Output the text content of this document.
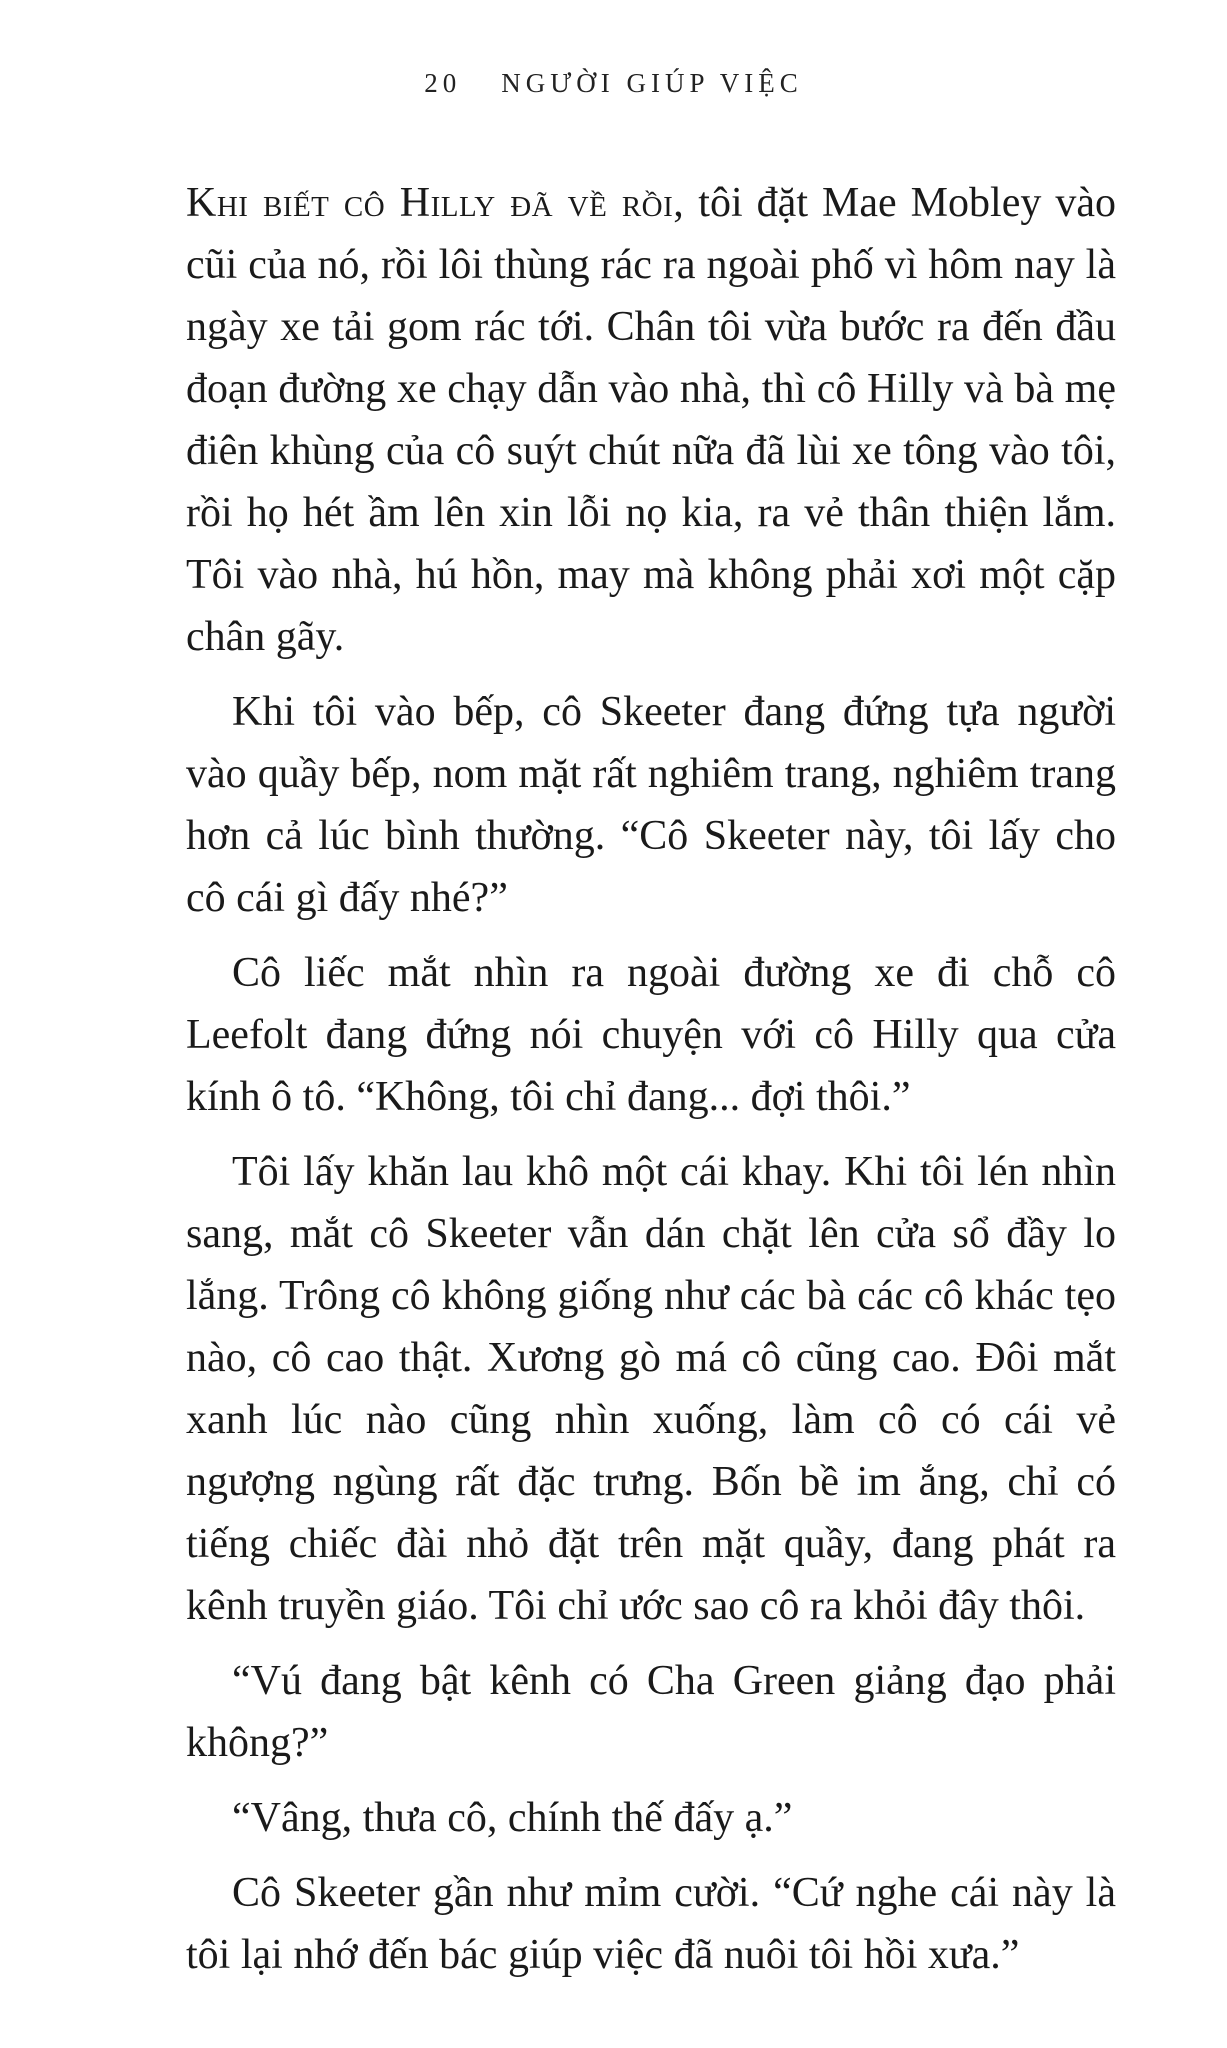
20 NGƯỜI GIÚP VIỆC

Khi biết cô Hilly đã về rồi, tôi đặt Mae Mobley vào cũi của nó, rồi lôi thùng rác ra ngoài phố vì hôm nay là ngày xe tải gom rác tới. Chân tôi vừa bước ra đến đầu đoạn đường xe chạy dẫn vào nhà, thì cô Hilly và bà mẹ điên khùng của cô suýt chút nữa đã lùi xe tông vào tôi, rồi họ hét ầm lên xin lỗi nọ kia, ra vẻ thân thiện lắm. Tôi vào nhà, hú hồn, may mà không phải xơi một cặp chân gãy.

Khi tôi vào bếp, cô Skeeter đang đứng tựa người vào quầy bếp, nom mặt rất nghiêm trang, nghiêm trang hơn cả lúc bình thường. “Cô Skeeter này, tôi lấy cho cô cái gì đấy nhé?”

Cô liếc mắt nhìn ra ngoài đường xe đi chỗ cô Leefolt đang đứng nói chuyện với cô Hilly qua cửa kính ô tô. “Không, tôi chỉ đang... đợi thôi.”

Tôi lấy khăn lau khô một cái khay. Khi tôi lén nhìn sang, mắt cô Skeeter vẫn dán chặt lên cửa sổ đầy lo lắng. Trông cô không giống như các bà các cô khác tẹo nào, cô cao thật. Xương gò má cô cũng cao. Đôi mắt xanh lúc nào cũng nhìn xuống, làm cô có cái vẻ ngượng ngùng rất đặc trưng. Bốn bề im ắng, chỉ có tiếng chiếc đài nhỏ đặt trên mặt quầy, đang phát ra kênh truyền giáo. Tôi chỉ ước sao cô ra khỏi đây thôi.

“Vú đang bật kênh có Cha Green giảng đạo phải không?”

“Vâng, thưa cô, chính thế đấy ạ.”

Cô Skeeter gần như mỉm cười. “Cứ nghe cái này là tôi lại nhớ đến bác giúp việc đã nuôi tôi hồi xưa.”
